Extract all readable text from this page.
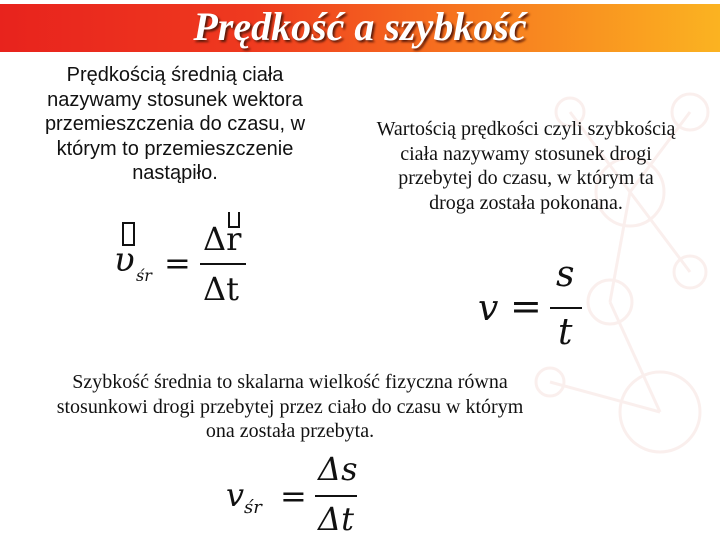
Prędkość a szybkość
Prędkością średnią ciała nazywamy stosunek wektora przemieszczenia do czasu, w którym to przemieszczenie nastąpiło.
Wartością prędkości czyli szybkością ciała nazywamy stosunek drogi przebytej do czasu, w którym ta droga została pokonana.
Szybkość średnia to skalarna wielkość fizyczna równa stosunkowi drogi przebytej przez ciało do czasu w którym ona została przebyta.
υ śr =
Δr
Δt	v =
s
t
v śr =
Δs
Δt
